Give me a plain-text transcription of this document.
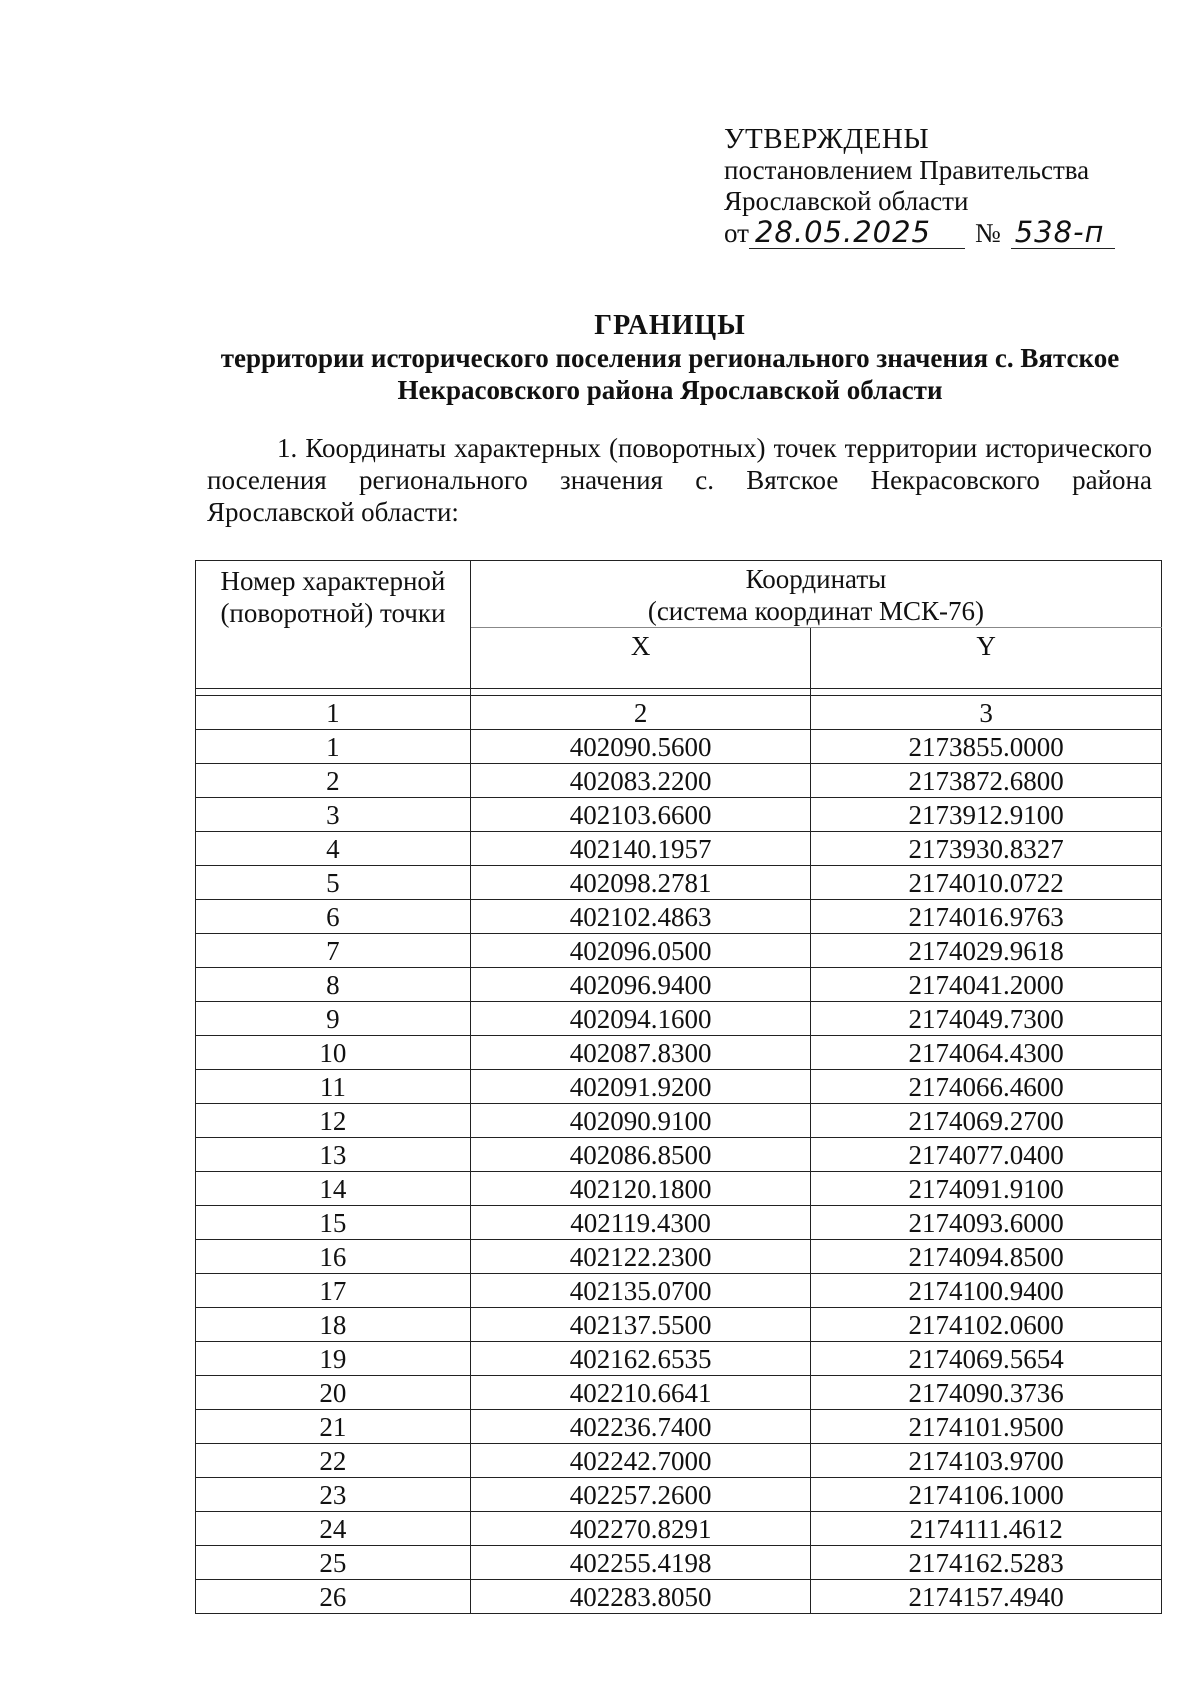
УТВЕРЖДЕНЫ
постановлением Правительства
Ярославской области
от 28.05.2025	№ 538-п
ГРАНИЦЫ
территории исторического поселения регионального значения с. Вятское
Некрасовского района Ярославской области
1. Координаты характерных (поворотных) точек территории исторического поселения регионального значения с. Вятское Некрасовского района Ярославской области:
Номер характерной (поворотной) точки	Координаты
(система координат МСК-76)	

	X	Y

1	2	3
1	402090.5600	2173855.0000
2	402083.2200	2173872.6800
3	402103.6600	2173912.9100
4	402140.1957	2173930.8327
5	402098.2781	2174010.0722
6	402102.4863	2174016.9763
7	402096.0500	2174029.9618
8	402096.9400	2174041.2000
9	402094.1600	2174049.7300
10	402087.8300	2174064.4300
11	402091.9200	2174066.4600
12	402090.9100	2174069.2700
13	402086.8500	2174077.0400
14	402120.1800	2174091.9100
15	402119.4300	2174093.6000
16	402122.2300	2174094.8500
17	402135.0700	2174100.9400
18	402137.5500	2174102.0600
19	402162.6535	2174069.5654
20	402210.6641	2174090.3736
21	402236.7400	2174101.9500
22	402242.7000	2174103.9700
23	402257.2600	2174106.1000
24	402270.8291	2174111.4612
25	402255.4198	2174162.5283
26	402283.8050	2174157.4940
